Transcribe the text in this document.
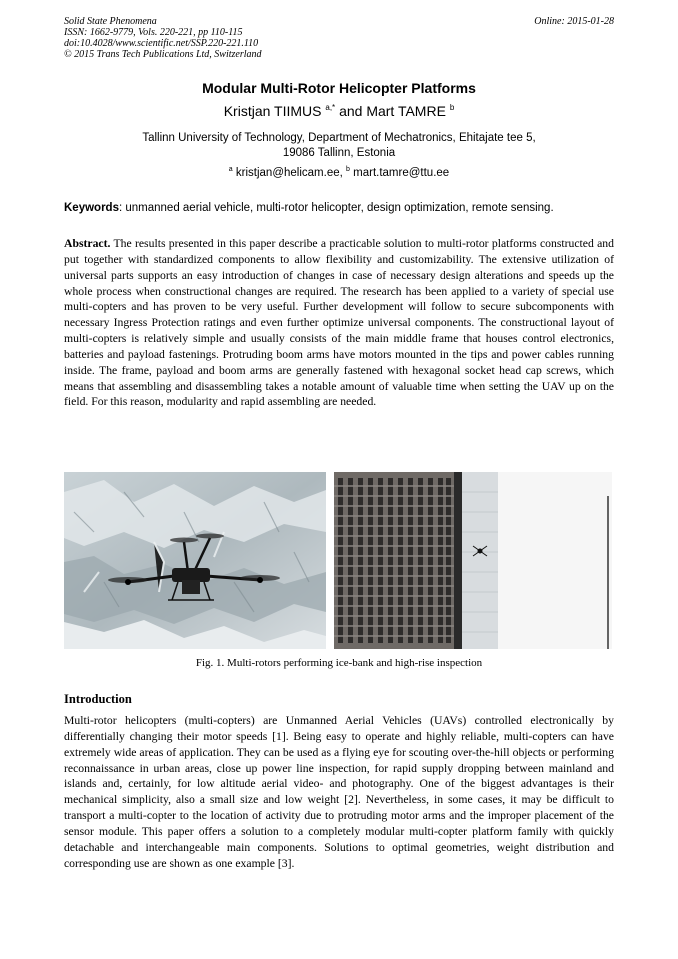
Solid State Phenomena
ISSN: 1662-9779, Vols. 220-221, pp 110-115
doi:10.4028/www.scientific.net/SSP.220-221.110
© 2015 Trans Tech Publications Ltd, Switzerland
Online: 2015-01-28
Modular Multi-Rotor Helicopter Platforms
Kristjan TIIMUS $^{a,*}$ and Mart TAMRE $^b$
Tallinn University of Technology, Department of Mechatronics, Ehitajate tee 5,
19086 Tallinn, Estonia
$^a$ kristjan@helicam.ee, $^b$ mart.tamre@ttu.ee
Keywords: unmanned aerial vehicle, multi-rotor helicopter, design optimization, remote sensing.
Abstract. The results presented in this paper describe a practicable solution to multi-rotor platforms constructed and put together with standardized components to allow flexibility and customizability. The extensive utilization of universal parts supports an easy introduction of changes in case of necessary design alterations and speeds up the whole process when constructional changes are required. The research has been applied to a variety of special use multi-copters and has proven to be very useful. Further development will follow to secure subcomponents with necessary Ingress Protection ratings and even further optimize universal components. The constructional layout of multi-copters is relatively simple and usually consists of the main middle frame that houses control electronics, batteries and payload fastenings. Protruding boom arms have motors mounted in the tips and power cables running inside. The frame, payload and boom arms are generally fastened with hexagonal socket head cap screws, which means that assembling and disassembling takes a notable amount of valuable time when setting the UAV up on the field. For this reason, modularity and rapid assembling are needed.
Fig. 1. Multi-rotors performing ice-bank and high-rise inspection
Introduction
Multi-rotor helicopters (multi-copters) are Unmanned Aerial Vehicles (UAVs) controlled electronically by differentially changing their motor speeds [1]. Being easy to operate and highly reliable, multi-copters can have extremely wide areas of application. They can be used as a flying eye for scouting over-the-hill objects or performing reconnaissance in urban areas, close up power line inspection, for rapid supply dropping between mainland and islands and, certainly, for low altitude aerial video- and photography. One of the biggest advantages is their mechanical simplicity, also a small size and low weight [2]. Nevertheless, in some cases, it may be difficult to transport a multi-copter to the location of activity due to protruding motor arms and the improper placement of the sensor module. This paper offers a solution to a completely modular multi-copter platform family with quickly detachable and interchangeable main components. Solutions to optimal geometries, weight distribution and corresponding use are shown as one example [3].
